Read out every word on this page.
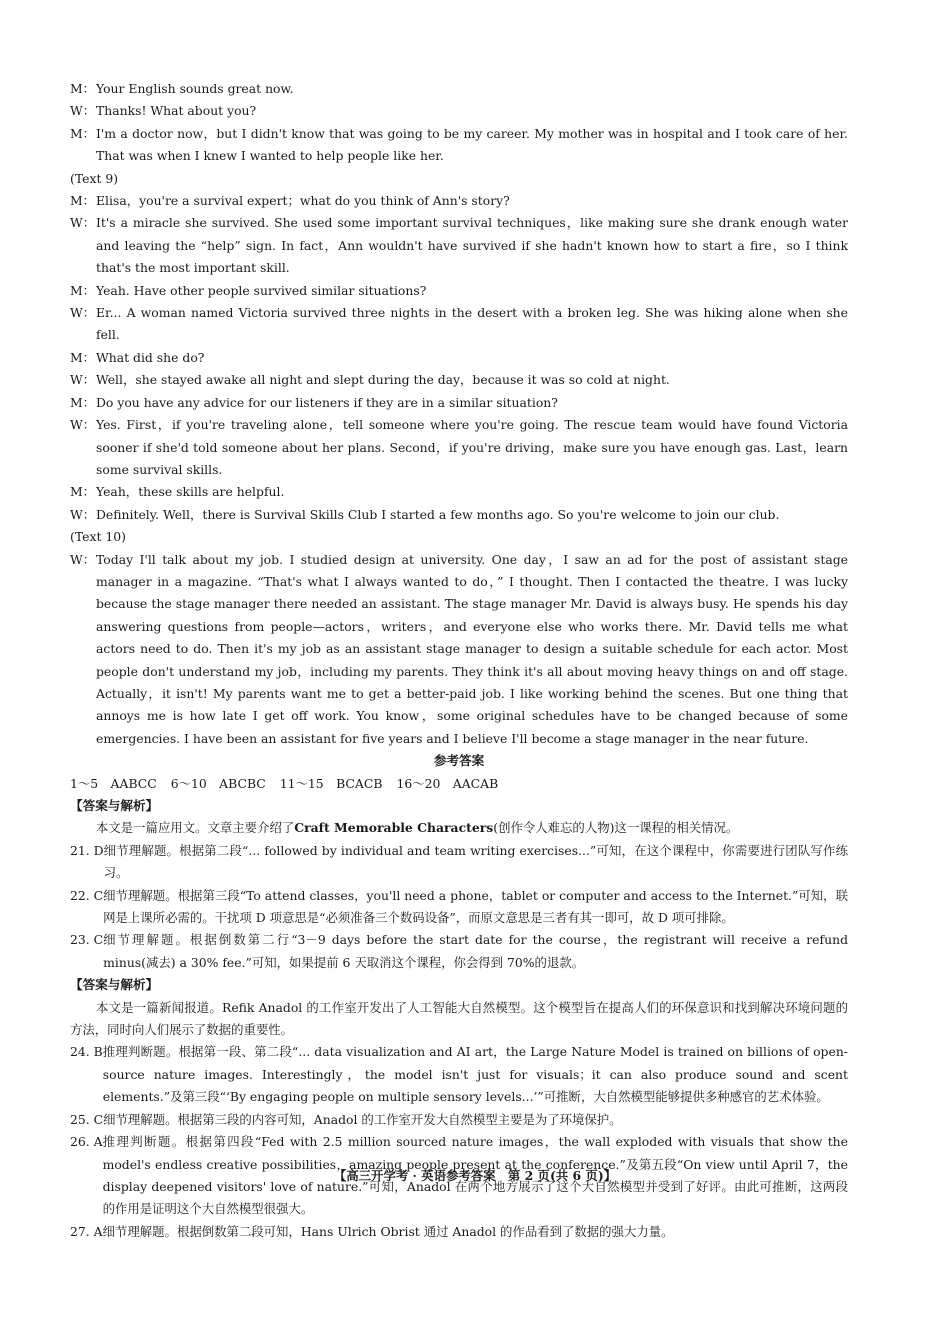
M： Your English sounds great now.
W： Thanks! What about you?
M： I'm a doctor now，but I didn't know that was going to be my career. My mother was in hospital and I took care of her. That was when I knew I wanted to help people like her.
(Text 9)
M： Elisa，you're a survival expert；what do you think of Ann's story?
W： It's a miracle she survived. She used some important survival techniques，like making sure she drank enough water and leaving the “help” sign. In fact，Ann wouldn't have survived if she hadn't known how to start a fire，so I think that's the most important skill.
M： Yeah. Have other people survived similar situations?
W： Er... A woman named Victoria survived three nights in the desert with a broken leg. She was hiking alone when she fell.
M： What did she do?
W： Well，she stayed awake all night and slept during the day，because it was so cold at night.
M： Do you have any advice for our listeners if they are in a similar situation?
W： Yes. First，if you're traveling alone，tell someone where you're going. The rescue team would have found Victoria sooner if she'd told someone about her plans. Second，if you're driving，make sure you have enough gas. Last，learn some survival skills.
M： Yeah，these skills are helpful.
W： Definitely. Well，there is Survival Skills Club I started a few months ago. So you're welcome to join our club.
(Text 10)
W： Today I'll talk about my job. I studied design at university. One day，I saw an ad for the post of assistant stage manager in a magazine. “That's what I always wanted to do，” I thought. Then I contacted the theatre. I was lucky because the stage manager there needed an assistant. The stage manager Mr. David is always busy. He spends his day answering questions from people—actors，writers，and everyone else who works there. Mr. David tells me what actors need to do. Then it's my job as an assistant stage manager to design a suitable schedule for each actor. Most people don't understand my job，including my parents. They think it's all about moving heavy things on and off stage. Actually，it isn't! My parents want me to get a better-paid job. I like working behind the scenes. But one thing that annoys me is how late I get off work. You know，some original schedules have to be changed because of some emergencies. I have been an assistant for five years and I believe I'll become a stage manager in the near future.
参考答案
1～5　AABCC 6～10　ABCBC 11～15　BCACB 16～20　AACAB
【答案与解析】
本文是一篇应用文。文章主要介绍了Craft Memorable Characters(创作令人难忘的人物)这一课程的相关情况。
21. D 细节理解题。根据第二段“... followed by individual and team writing exercises...”可知，在这个课程中，你需要进行团队写作练习。
22. C 细节理解题。根据第三段“To attend classes，you'll need a phone，tablet or computer and access to the Internet.”可知，联网是上课所必需的。干扰项 D 项意思是“必须准备三个数码设备”，而原文意思是三者有其一即可，故 D 项可排除。
23. C 细节理解题。根据倒数第二行“3－9 days before the start date for the course，the registrant will receive a refund minus(减去) a 30% fee.”可知，如果提前 6 天取消这个课程，你会得到 70%的退款。
【答案与解析】
本文是一篇新闻报道。Refik Anadol 的工作室开发出了人工智能大自然模型。这个模型旨在提高人们的环保意识和找到解决环境问题的方法，同时向人们展示了数据的重要性。
24. B 推理判断题。根据第一段、第二段“... data visualization and AI art，the Large Nature Model is trained on billions of open-source nature images. Interestingly，the model isn't just for visuals；it can also produce sound and scent elements.”及第三段“‘By engaging people on multiple sensory levels...’”可推断，大自然模型能够提供多种感官的艺术体验。
25. C 细节理解题。根据第三段的内容可知，Anadol 的工作室开发大自然模型主要是为了环境保护。
26. A 推理判断题。根据第四段“Fed with 2.5 million sourced nature images，the wall exploded with visuals that show the model's endless creative possibilities，amazing people present at the conference.”及第五段“On view until April 7，the display deepened visitors' love of nature.”可知，Anadol 在两个地方展示了这个大自然模型并受到了好评。由此可推断，这两段的作用是证明这个大自然模型很强大。
27. A 细节理解题。根据倒数第二段可知，Hans Ulrich Obrist 通过 Anadol 的作品看到了数据的强大力量。
【高三开学考 · 英语参考答案　第 2 页(共 6 页)】
